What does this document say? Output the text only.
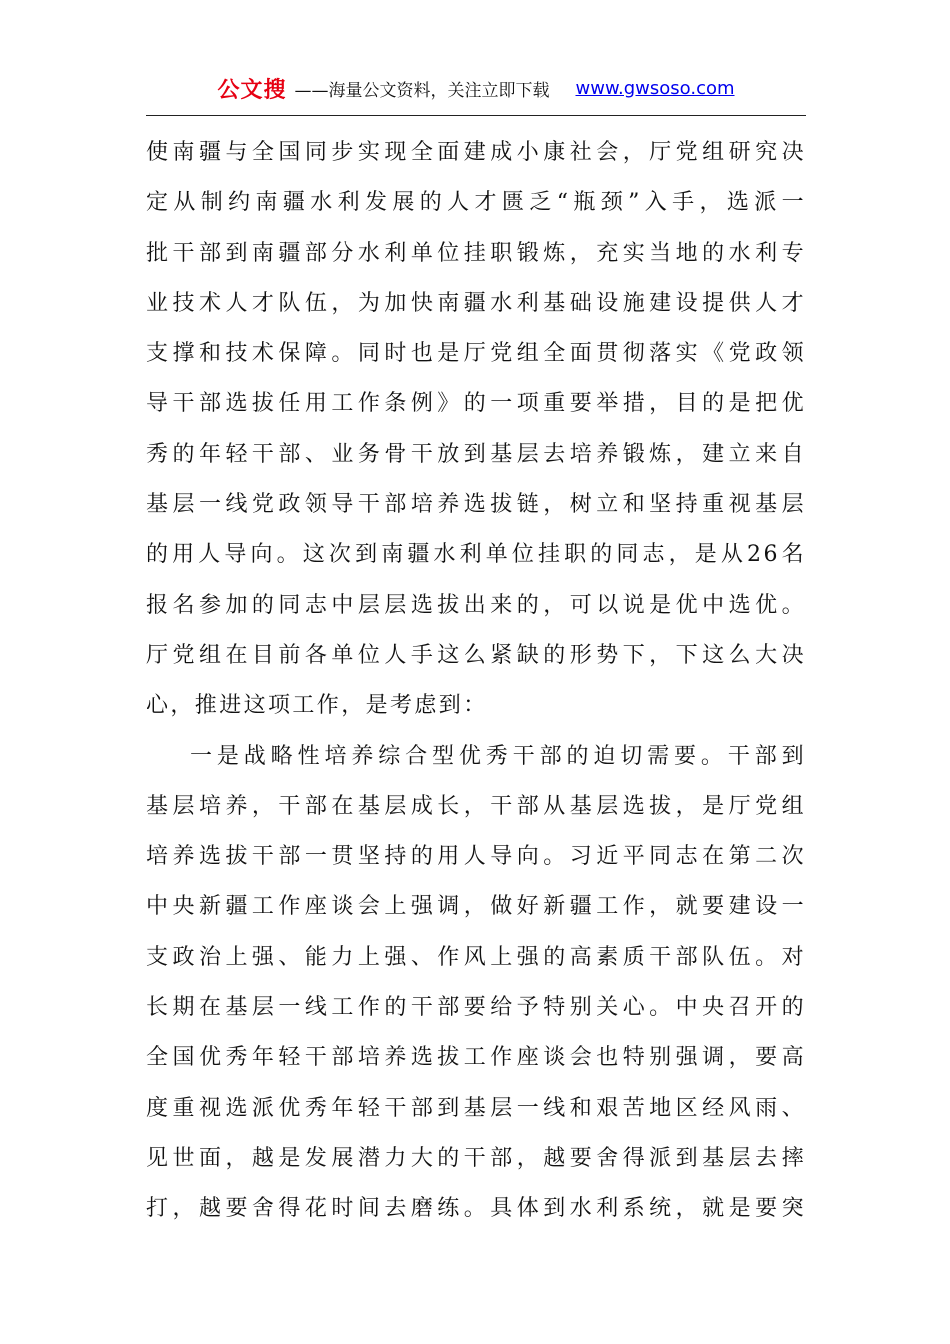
公文搜 ——海量公文资料，关注立即下载 www.gwsoso.com
使南疆与全国同步实现全面建成小康社会，厅党组研究决
定从制约南疆水利发展的人才匮乏“瓶颈”入手，选派一
批干部到南疆部分水利单位挂职锻炼，充实当地的水利专
业技术人才队伍，为加快南疆水利基础设施建设提供人才
支撑和技术保障。同时也是厅党组全面贯彻落实《党政领
导干部选拔任用工作条例》的一项重要举措，目的是把优
秀的年轻干部、业务骨干放到基层去培养锻炼，建立来自
基层一线党政领导干部培养选拔链，树立和坚持重视基层
的用人导向。这次到南疆水利单位挂职的同志，是从26名
报名参加的同志中层层选拔出来的，可以说是优中选优。
厅党组在目前各单位人手这么紧缺的形势下，下这么大决
心，推进这项工作，是考虑到：
一是战略性培养综合型优秀干部的迫切需要。干部到
基层培养，干部在基层成长，干部从基层选拔，是厅党组
培养选拔干部一贯坚持的用人导向。习近平同志在第二次
中央新疆工作座谈会上强调，做好新疆工作，就要建设一
支政治上强、能力上强、作风上强的高素质干部队伍。对
长期在基层一线工作的干部要给予特别关心。中央召开的
全国优秀年轻干部培养选拔工作座谈会也特别强调，要高
度重视选派优秀年轻干部到基层一线和艰苦地区经风雨、
见世面，越是发展潜力大的干部，越要舍得派到基层去摔
打，越要舍得花时间去磨练。具体到水利系统，就是要突
